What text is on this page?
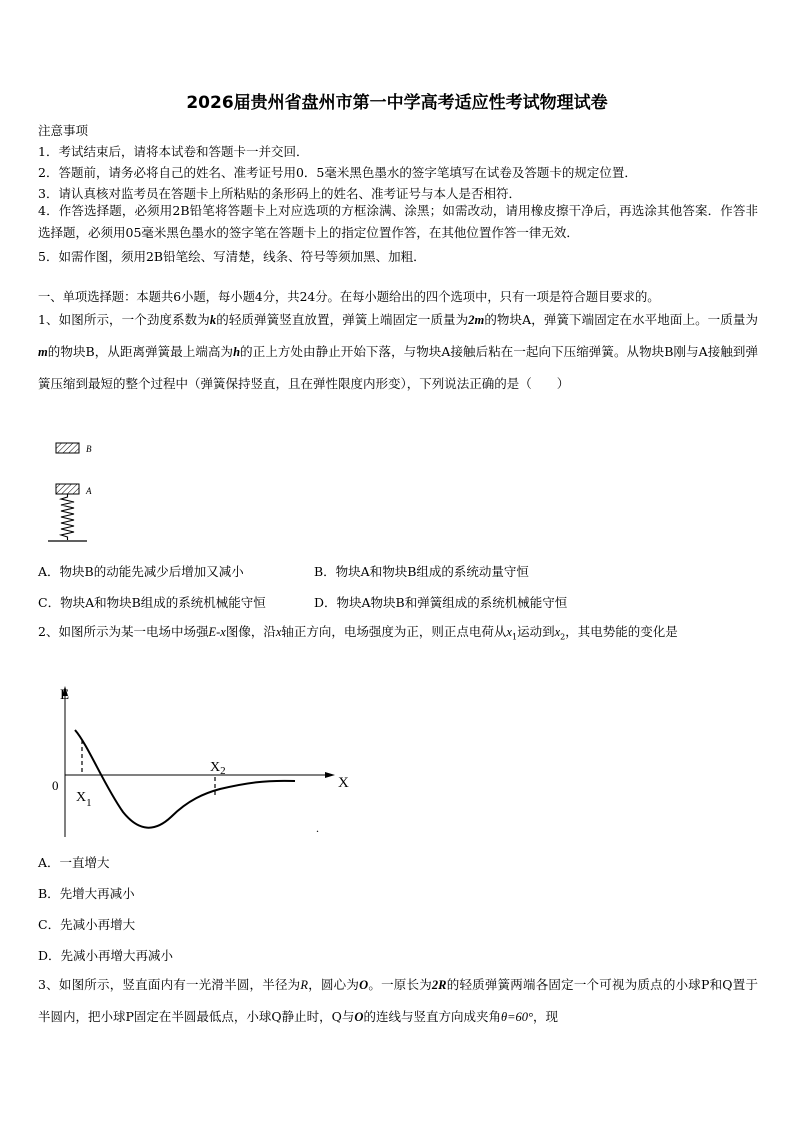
2026届贵州省盘州市第一中学高考适应性考试物理试卷
注意事项
1．考试结束后，请将本试卷和答题卡一并交回．
2．答题前，请务必将自己的姓名、准考证号用0．5毫米黑色墨水的签字笔填写在试卷及答题卡的规定位置．
3．请认真核对监考员在答题卡上所粘贴的条形码上的姓名、准考证号与本人是否相符．
4．作答选择题，必须用2B铅笔将答题卡上对应选项的方框涂满、涂黑；如需改动，请用橡皮擦干净后，再选涂其他答案．作答非选择题，必须用05毫米黑色墨水的签字笔在答题卡上的指定位置作答，在其他位置作答一律无效．
5．如需作图，须用2B铅笔绘、写清楚，线条、符号等须加黑、加粗．
一、单项选择题：本题共6小题，每小题4分，共24分。在每小题给出的四个选项中，只有一项是符合题目要求的。
1、如图所示，一个劲度系数为k的轻质弹簧竖直放置，弹簧上端固定一质量为2m的物块A，弹簧下端固定在水平地面上。一质量为m的物块B，从距离弹簧最上端高为h的正上方处由静止开始下落，与物块A接触后粘在一起向下压缩弹簧。从物块B刚与A接触到弹簧压缩到最短的整个过程中（弹簧保持竖直，且在弹性限度内形变），下列说法正确的是（　　）
B
A
A．物块B的动能先减少后增加又减小	B．物块A和物块B组成的系统动量守恒
C．物块A和物块B组成的系统机械能守恒	D．物块A物块B和弹簧组成的系统机械能守恒
2、如图所示为某一电场中场强E-x图像，沿x轴正方向，电场强度为正，则正点电荷从$x_1$运动到$x_2$，其电势能的变化是
E
X
0
$X_1$
$X_2$
.
A．一直增大
B．先增大再减小
C．先减小再增大
D．先减小再增大再减小
3、如图所示，竖直面内有一光滑半圆，半径为R，圆心为O。一原长为2R的轻质弹簧两端各固定一个可视为质点的小球P和Q置于半圆内，把小球P固定在半圆最低点，小球Q静止时，Q与O的连线与竖直方向成夹角θ=60°，现
